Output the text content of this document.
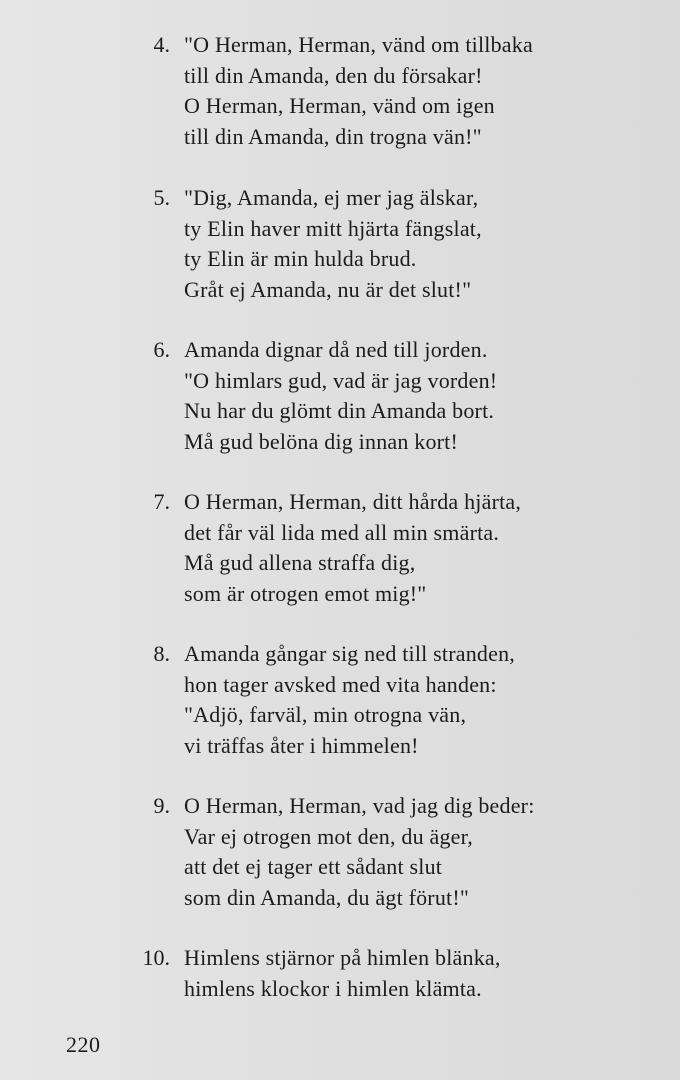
4. "O Herman, Herman, vänd om tillbaka
till din Amanda, den du försakar!
O Herman, Herman, vänd om igen
till din Amanda, din trogna vän!"
5. "Dig, Amanda, ej mer jag älskar,
ty Elin haver mitt hjärta fängslat,
ty Elin är min hulda brud.
Gråt ej Amanda, nu är det slut!"
6. Amanda dignar då ned till jorden.
"O himlars gud, vad är jag vorden!
Nu har du glömt din Amanda bort.
Må gud belöna dig innan kort!
7. O Herman, Herman, ditt hårda hjärta,
det får väl lida med all min smärta.
Må gud allena straffa dig,
som är otrogen emot mig!"
8. Amanda gångar sig ned till stranden,
hon tager avsked med vita handen:
"Adjö, farväl, min otrogna vän,
vi träffas åter i himmelen!
9. O Herman, Herman, vad jag dig beder:
Var ej otrogen mot den, du äger,
att det ej tager ett sådant slut
som din Amanda, du ägt förut!"
10. Himlens stjärnor på himlen blänka,
himlens klockor i himlen klämta.
220
